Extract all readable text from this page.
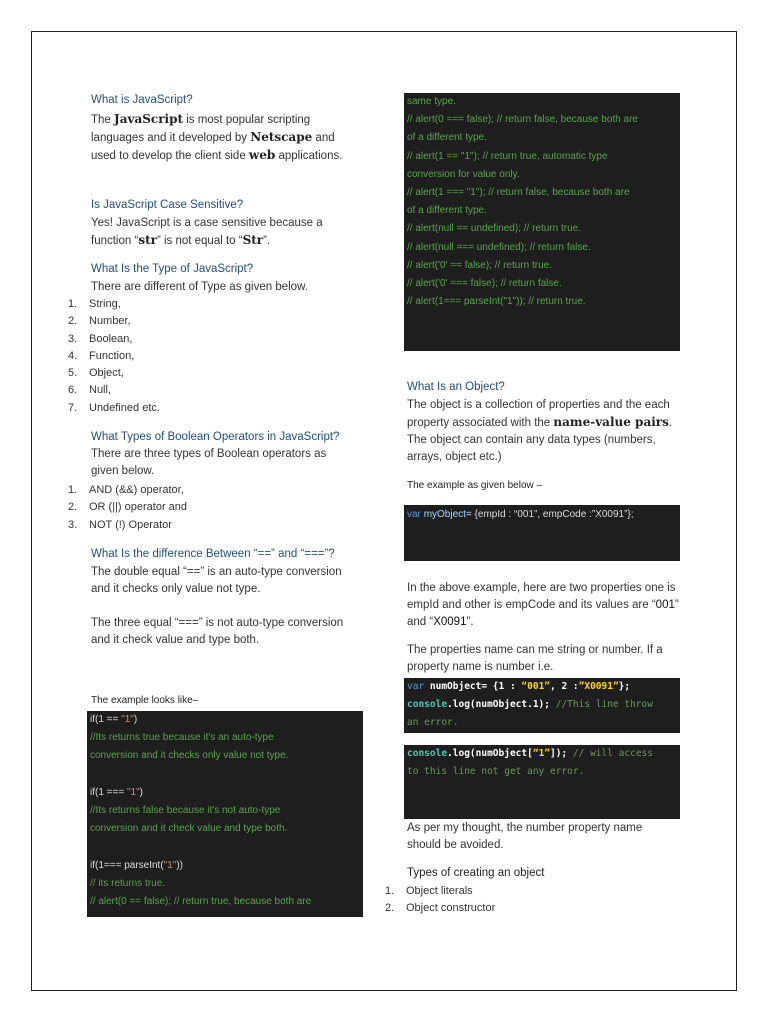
What is JavaScript?
The JavaScript is most popular scripting languages and it developed by Netscape and used to develop the client side web applications.
Is JavaScript Case Sensitive?
Yes! JavaScript is a case sensitive because a function “str” is not equal to “Str”.
What Is the Type of JavaScript?
There are different of Type as given below.
1. String,
2. Number,
3. Boolean,
4. Function,
5. Object,
6. Null,
7. Undefined etc.
What Types of Boolean Operators in JavaScript?
There are three types of Boolean operators as given below.
1. AND (&&) operator,
2. OR (||) operator and
3. NOT (!) Operator
What Is the difference Between “==” and “===”?
The double equal “==” is an auto-type conversion and it checks only value not type.
The three equal “===” is not auto-type conversion and it check value and type both.
The example looks like–
if(1 == "1")
//Its returns true because it's an auto-type
conversion and it checks only value not type.

if(1 === "1")
//Its returns false because it's not auto-type
conversion and it check value and type both.

if(1=== parseInt("1"))
// its returns true.
// alert(0 == false); // return true, because both are
same type.
// alert(0 === false); // return false, because both are
of a different type.
// alert(1 == "1"); // return true, automatic type
conversion for value only.
// alert(1 === "1"); // return false, because both are
of a different type.
// alert(null == undefined); // return true.
// alert(null === undefined); // return false.
// alert('0' == false); // return true.
// alert('0' === false); // return false.
// alert(1=== parseInt("1")); // return true.
What Is an Object?
The object is a collection of properties and the each property associated with the name-value pairs. The object can contain any data types (numbers, arrays, object etc.)
The example as given below –
var myObject= {empId : “001”, empCode :”X0091”};
In the above example, here are two properties one is empId and other is empCode and its values are “001” and “X0091”.
The properties name can me string or number. If a property name is number i.e.
var numObject= {1 : “001”, 2 :”X0091”};
console.log(numObject.1); //This line throw
an error.
console.log(numObject[“1”]); // will access
to this line not get any error.
As per my thought, the number property name should be avoided.
Types of creating an object
1. Object literals
2. Object constructor
